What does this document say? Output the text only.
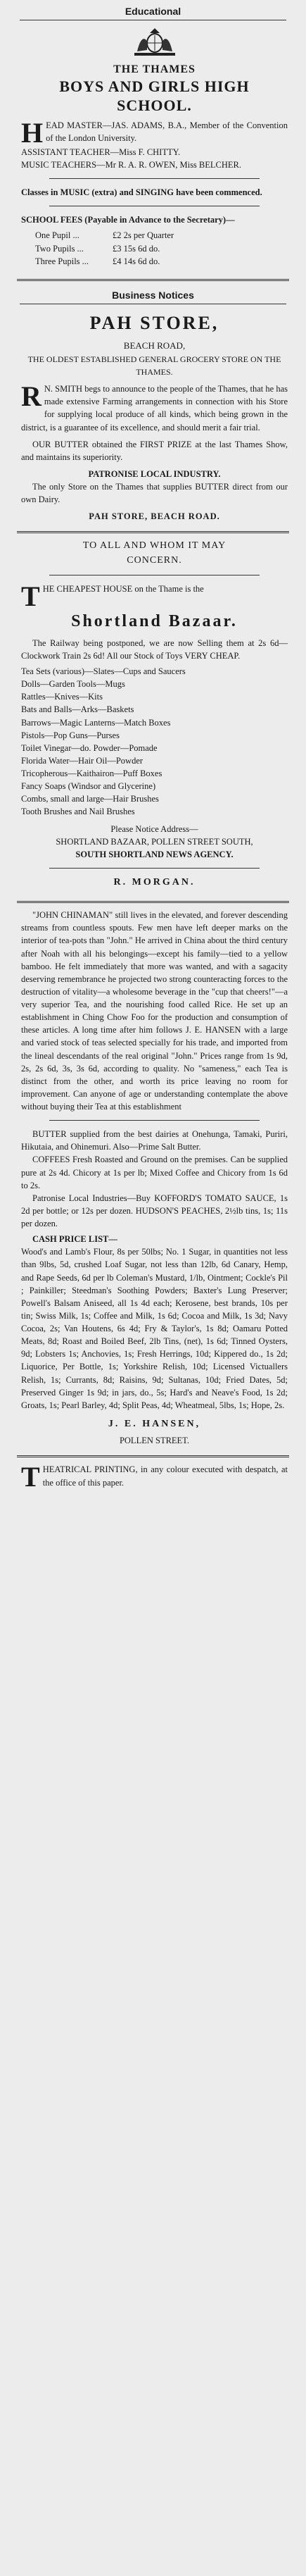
Educational
THE THAMES
BOYS AND GIRLS HIGH
SCHOOL.
HEAD MASTER—JAS. ADAMS, B.A., Member of the Convention of the London University.
ASSISTANT TEACHER—Miss F. CHITTY.
MUSIC TEACHERS—Mr R. A. R. OWEN, Miss BELCHER.
Classes in MUSIC (extra) and SINGING have been commenced.
SCHOOL FEES (Payable in Advance to the Secretary)—
One Pupil ...	£2 2s per Quarter
Two Pupils ...	£3 15s 6d do.
Three Pupils ...	£4 14s 6d do.
Business Notices
PAH STORE,
BEACH ROAD,
THE OLDEST ESTABLISHED GENERAL GROCERY STORE ON THE THAMES.
R N. SMITH begs to announce to the people of the Thames, that he has made extensive Farming arrangements in connection with his Store for supplying local produce of all kinds, which being grown in the district, is a guarantee of its excellence, and should merit a fair trial.
OUR BUTTER obtained the FIRST PRIZE at the last Thames Show, and maintains its superiority.
PATRONISE LOCAL INDUSTRY.
The only Store on the Thames that supplies BUTTER direct from our own Dairy.
PAH STORE, BEACH ROAD.
TO ALL AND WHOM IT MAY
CONCERN.
THE CHEAPEST HOUSE on the Thame is the
Shortland Bazaar.
The Railway being postponed, we are now Selling them at 2s 6d—Clockwork Train 2s 6d! All our Stock of Toys VERY CHEAP.
Tea Sets (various)—Slates—Cups and Saucers
Dolls—Garden Tools—Mugs
Rattles—Knives—Kits
Bats and Balls—Arks—Baskets
Barrows—Magic Lanterns—Match Boxes
Pistols—Pop Guns—Purses
Toilet Vinegar—do. Powder—Pomade
Florida Water—Hair Oil—Powder
Tricopherous—Kaithairon—Puff Boxes
Fancy Soaps (Windsor and Glycerine)
Combs, small and large—Hair Brushes
Tooth Brushes and Nail Brushes
Please Notice Address—
SHORTLAND BAZAAR, POLLEN STREET SOUTH,
SOUTH SHORTLAND NEWS AGENCY.
R. MORGAN.
"JOHN CHINAMAN" still lives in the elevated, and forever descending streams from countless spouts. Few men have left deeper marks on the interior of tea-pots than "John." He arrived in China about the third century after Noah with all his belongings—except his family—tied to a yellow bamboo. He felt immediately that more was wanted, and with a sagacity deserving remembrance he projected two strong counteracting forces to the destruction of vitality—a wholesome beverage in the "cup that cheers!"—a very superior Tea, and the nourishing food called Rice. He set up an establishment in Ching Chow Foo for the production and consumption of these articles. A long time after him follows J. E. HANSEN with a large and varied stock of teas selected specially for his trade, and imported from the lineal descendants of the real original "John." Prices range from 1s 9d, 2s, 2s 6d, 3s, 3s 6d, according to quality. No "sameness," each Tea is distinct from the other, and worth its price leaving no room for improvement. Can anyone of age or understanding contemplate the above without buying their Tea at this establishment
BUTTER supplied from the best dairies at Onehunga, Tamaki, Puriri, Hikutaia, and Ohinemuri. Also—Prime Salt Butter.
COFFEES Fresh Roasted and Ground on the premises. Can be supplied pure at 2s 4d. Chicory at 1s per lb; Mixed Coffee and Chicory from 1s 6d to 2s.
Patronise Local Industries—Buy KOFFORD'S TOMATO SAUCE, 1s 2d per bottle; or 12s per dozen. HUDSON'S PEACHES, 2½lb tins, 1s; 11s per dozen.
CASH PRICE LIST—
Wood's and Lamb's Flour, 8s per 50lbs; No. 1 Sugar, in quantities not less than 9lbs, 5d, crushed Loaf Sugar, not less than 12lb, 6d Canary, Hemp, and Rape Seeds, 6d per lb Coleman's Mustard, 1/lb, Ointment; Cockle's Pil ; Painkiller; Steedman's Soothing Powders; Baxter's Lung Preserver; Powell's Balsam Aniseed, all 1s 4d each; Kerosene, best brands, 10s per tin; Swiss Milk, 1s; Coffee and Milk, 1s 6d; Cocoa and Milk, 1s 3d; Navy Cocoa, 2s; Van Houtens, 6s 4d; Fry & Taylor's, 1s 8d; Oamaru Potted Meats, 8d; Roast and Boiled Beef, 2lb Tins, (net), 1s 6d; Tinned Oysters, 9d; Lobsters 1s; Anchovies, 1s; Fresh Herrings, 10d; Kippered do., 1s 2d; Liquorice, Per Bottle, 1s; Yorkshire Relish, 10d; Licensed Victuallers Relish, 1s; Currants, 8d; Raisins, 9d; Sultanas, 10d; Fried Dates, 5d; Preserved Ginger 1s 9d; in jars, do., 5s; Hard's and Neave's Food, 1s 2d; Groats, 1s; Pearl Barley, 4d; Split Peas, 4d; Wheatmeal, 5lbs, 1s; Hope, 2s.
J. E. HANSEN,
POLLEN STREET.
THEATRICAL PRINTING, in any colour executed with despatch, at the office of this paper.
